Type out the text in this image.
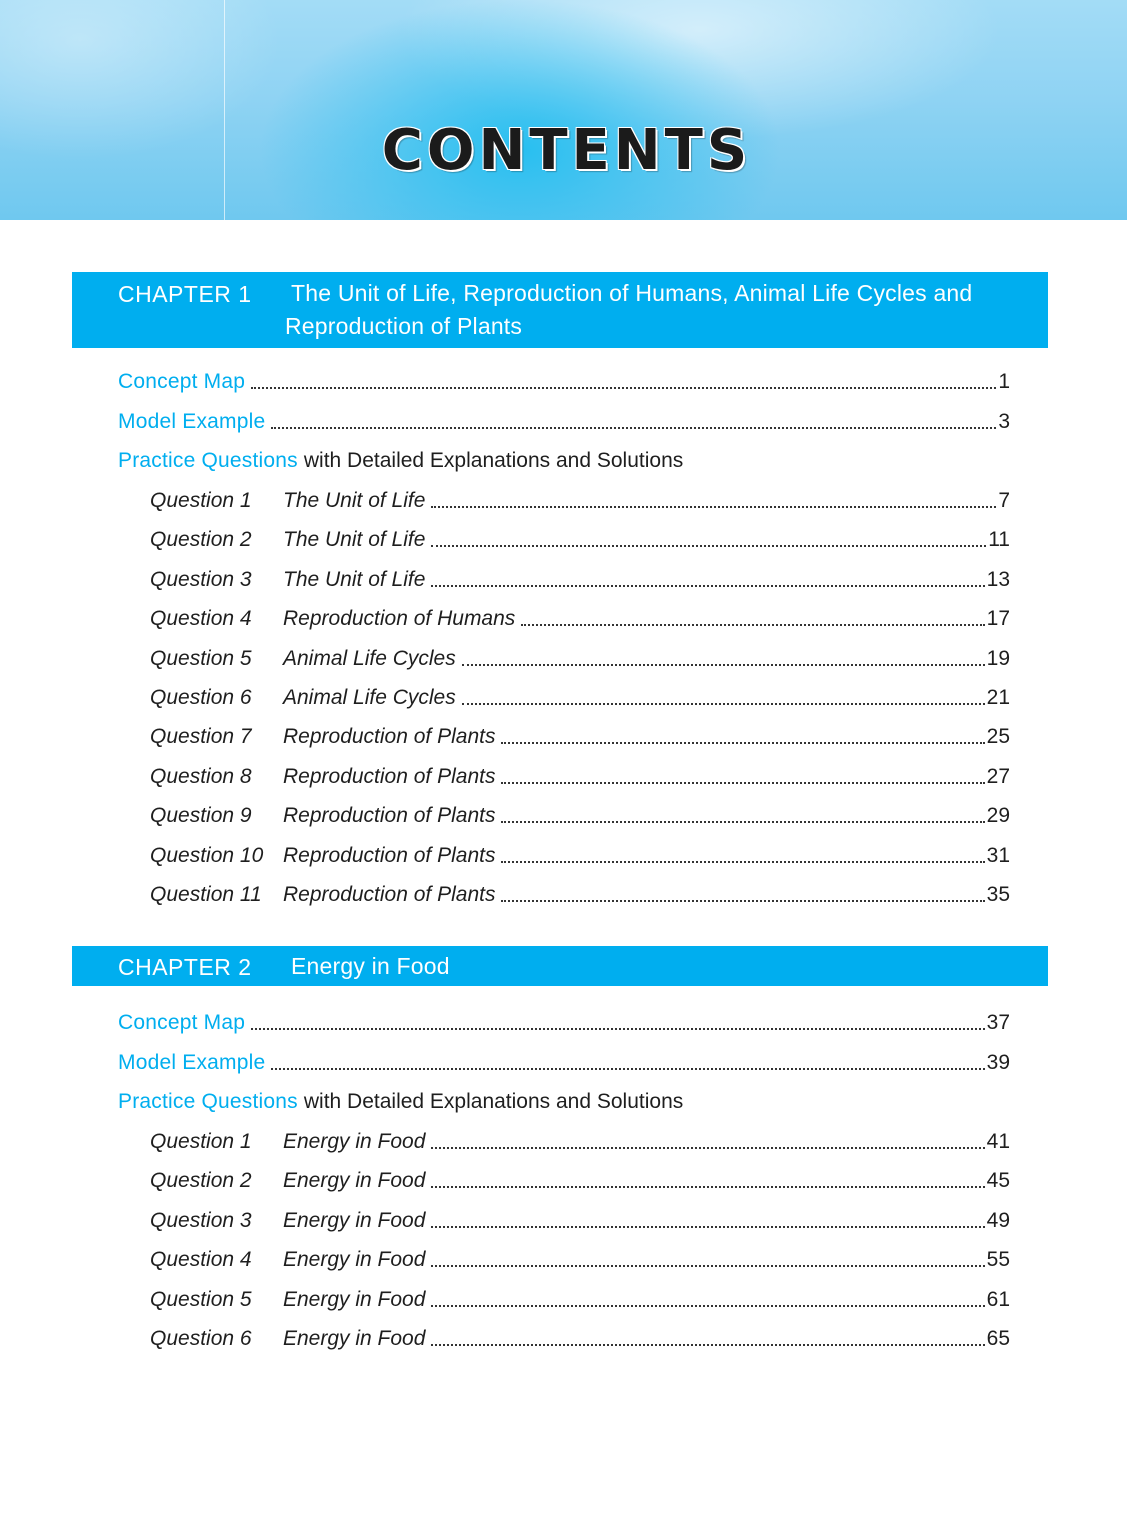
CONTENTS
CHAPTER 1 The Unit of Life, Reproduction of Humans, Animal Life Cycles and Reproduction of Plants
Concept Map	1
Model Example	3
Practice Questions with Detailed Explanations and Solutions
Question 1	The Unit of Life	7
Question 2	The Unit of Life	11
Question 3	The Unit of Life	13
Question 4	Reproduction of Humans	17
Question 5	Animal Life Cycles	19
Question 6	Animal Life Cycles	21
Question 7	Reproduction of Plants	25
Question 8	Reproduction of Plants	27
Question 9	Reproduction of Plants	29
Question 10 Reproduction of Plants	31
Question 11	Reproduction of Plants	35
CHAPTER 2 Energy in Food
Concept Map	37
Model Example	39
Practice Questions with Detailed Explanations and Solutions
Question 1	Energy in Food	41
Question 2	Energy in Food	45
Question 3	Energy in Food	49
Question 4	Energy in Food	55
Question 5	Energy in Food	61
Question 6	Energy in Food	65
